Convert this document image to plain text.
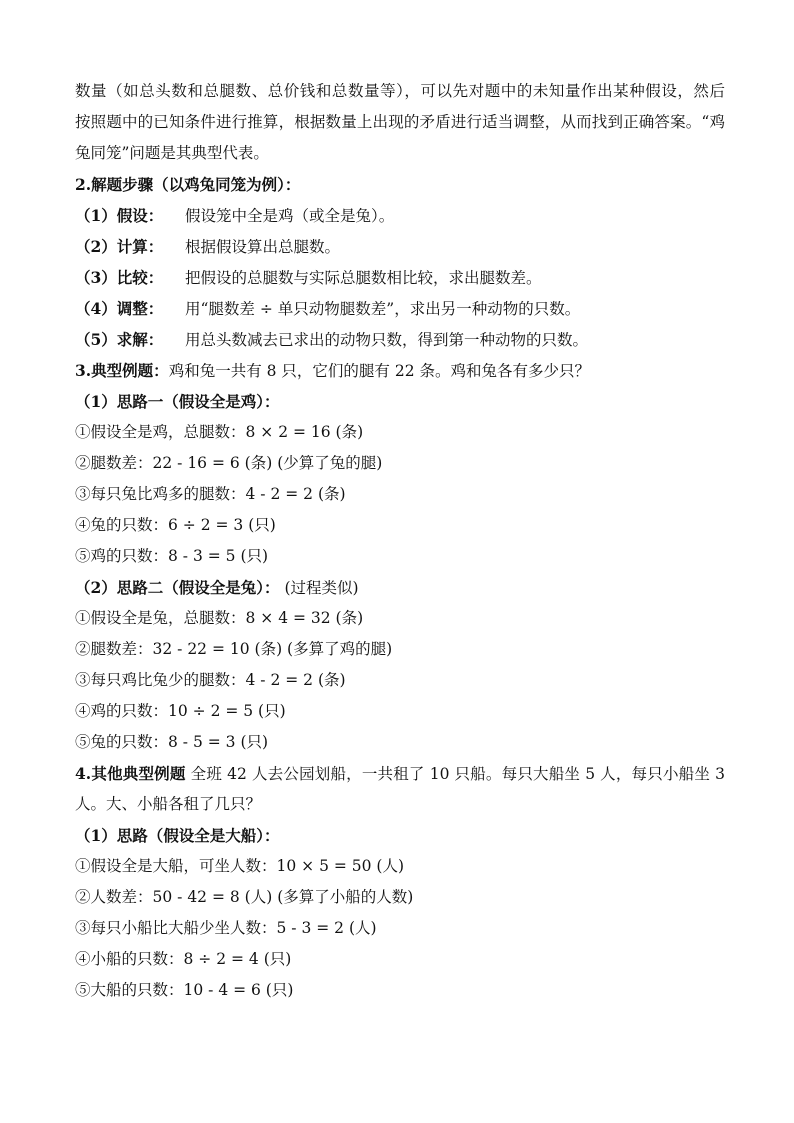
数量（如总头数和总腿数、总价钱和总数量等），可以先对题中的未知量作出某种假设，然后
按照题中的已知条件进行推算，根据数量上出现的矛盾进行适当调整，从而找到正确答案。“鸡
兔同笼”问题是其典型代表。
2.解题步骤（以鸡兔同笼为例）：
（1）假设： 假设笼中全是鸡（或全是兔）。
（2）计算： 根据假设算出总腿数。
（3）比较： 把假设的总腿数与实际总腿数相比较，求出腿数差。
（4）调整： 用“腿数差 ÷ 单只动物腿数差”，求出另一种动物的只数。
（5）求解： 用总头数减去已求出的动物只数，得到第一种动物的只数。
3.典型例题：鸡和兔一共有 8 只，它们的腿有 22 条。鸡和兔各有多少只？
（1）思路一（假设全是鸡）：
①假设全是鸡，总腿数：8 × 2 = 16 (条)
②腿数差：22 - 16 = 6 (条) (少算了兔的腿)
③每只兔比鸡多的腿数：4 - 2 = 2 (条)
④兔的只数：6 ÷ 2 = 3 (只)
⑤鸡的只数：8 - 3 = 5 (只)
（2）思路二（假设全是兔）： (过程类似)
①假设全是兔，总腿数：8 × 4 = 32 (条)
②腿数差：32 - 22 = 10 (条) (多算了鸡的腿)
③每只鸡比兔少的腿数：4 - 2 = 2 (条)
④鸡的只数：10 ÷ 2 = 5 (只)
⑤兔的只数：8 - 5 = 3 (只)
4.其他典型例题 全班 42 人去公园划船，一共租了 10 只船。每只大船坐 5 人，每只小船坐 3
人。大、小船各租了几只？
（1）思路（假设全是大船）：
①假设全是大船，可坐人数：10 × 5 = 50 (人)
②人数差：50 - 42 = 8 (人) (多算了小船的人数)
③每只小船比大船少坐人数：5 - 3 = 2 (人)
④小船的只数：8 ÷ 2 = 4 (只)
⑤大船的只数：10 - 4 = 6 (只)
